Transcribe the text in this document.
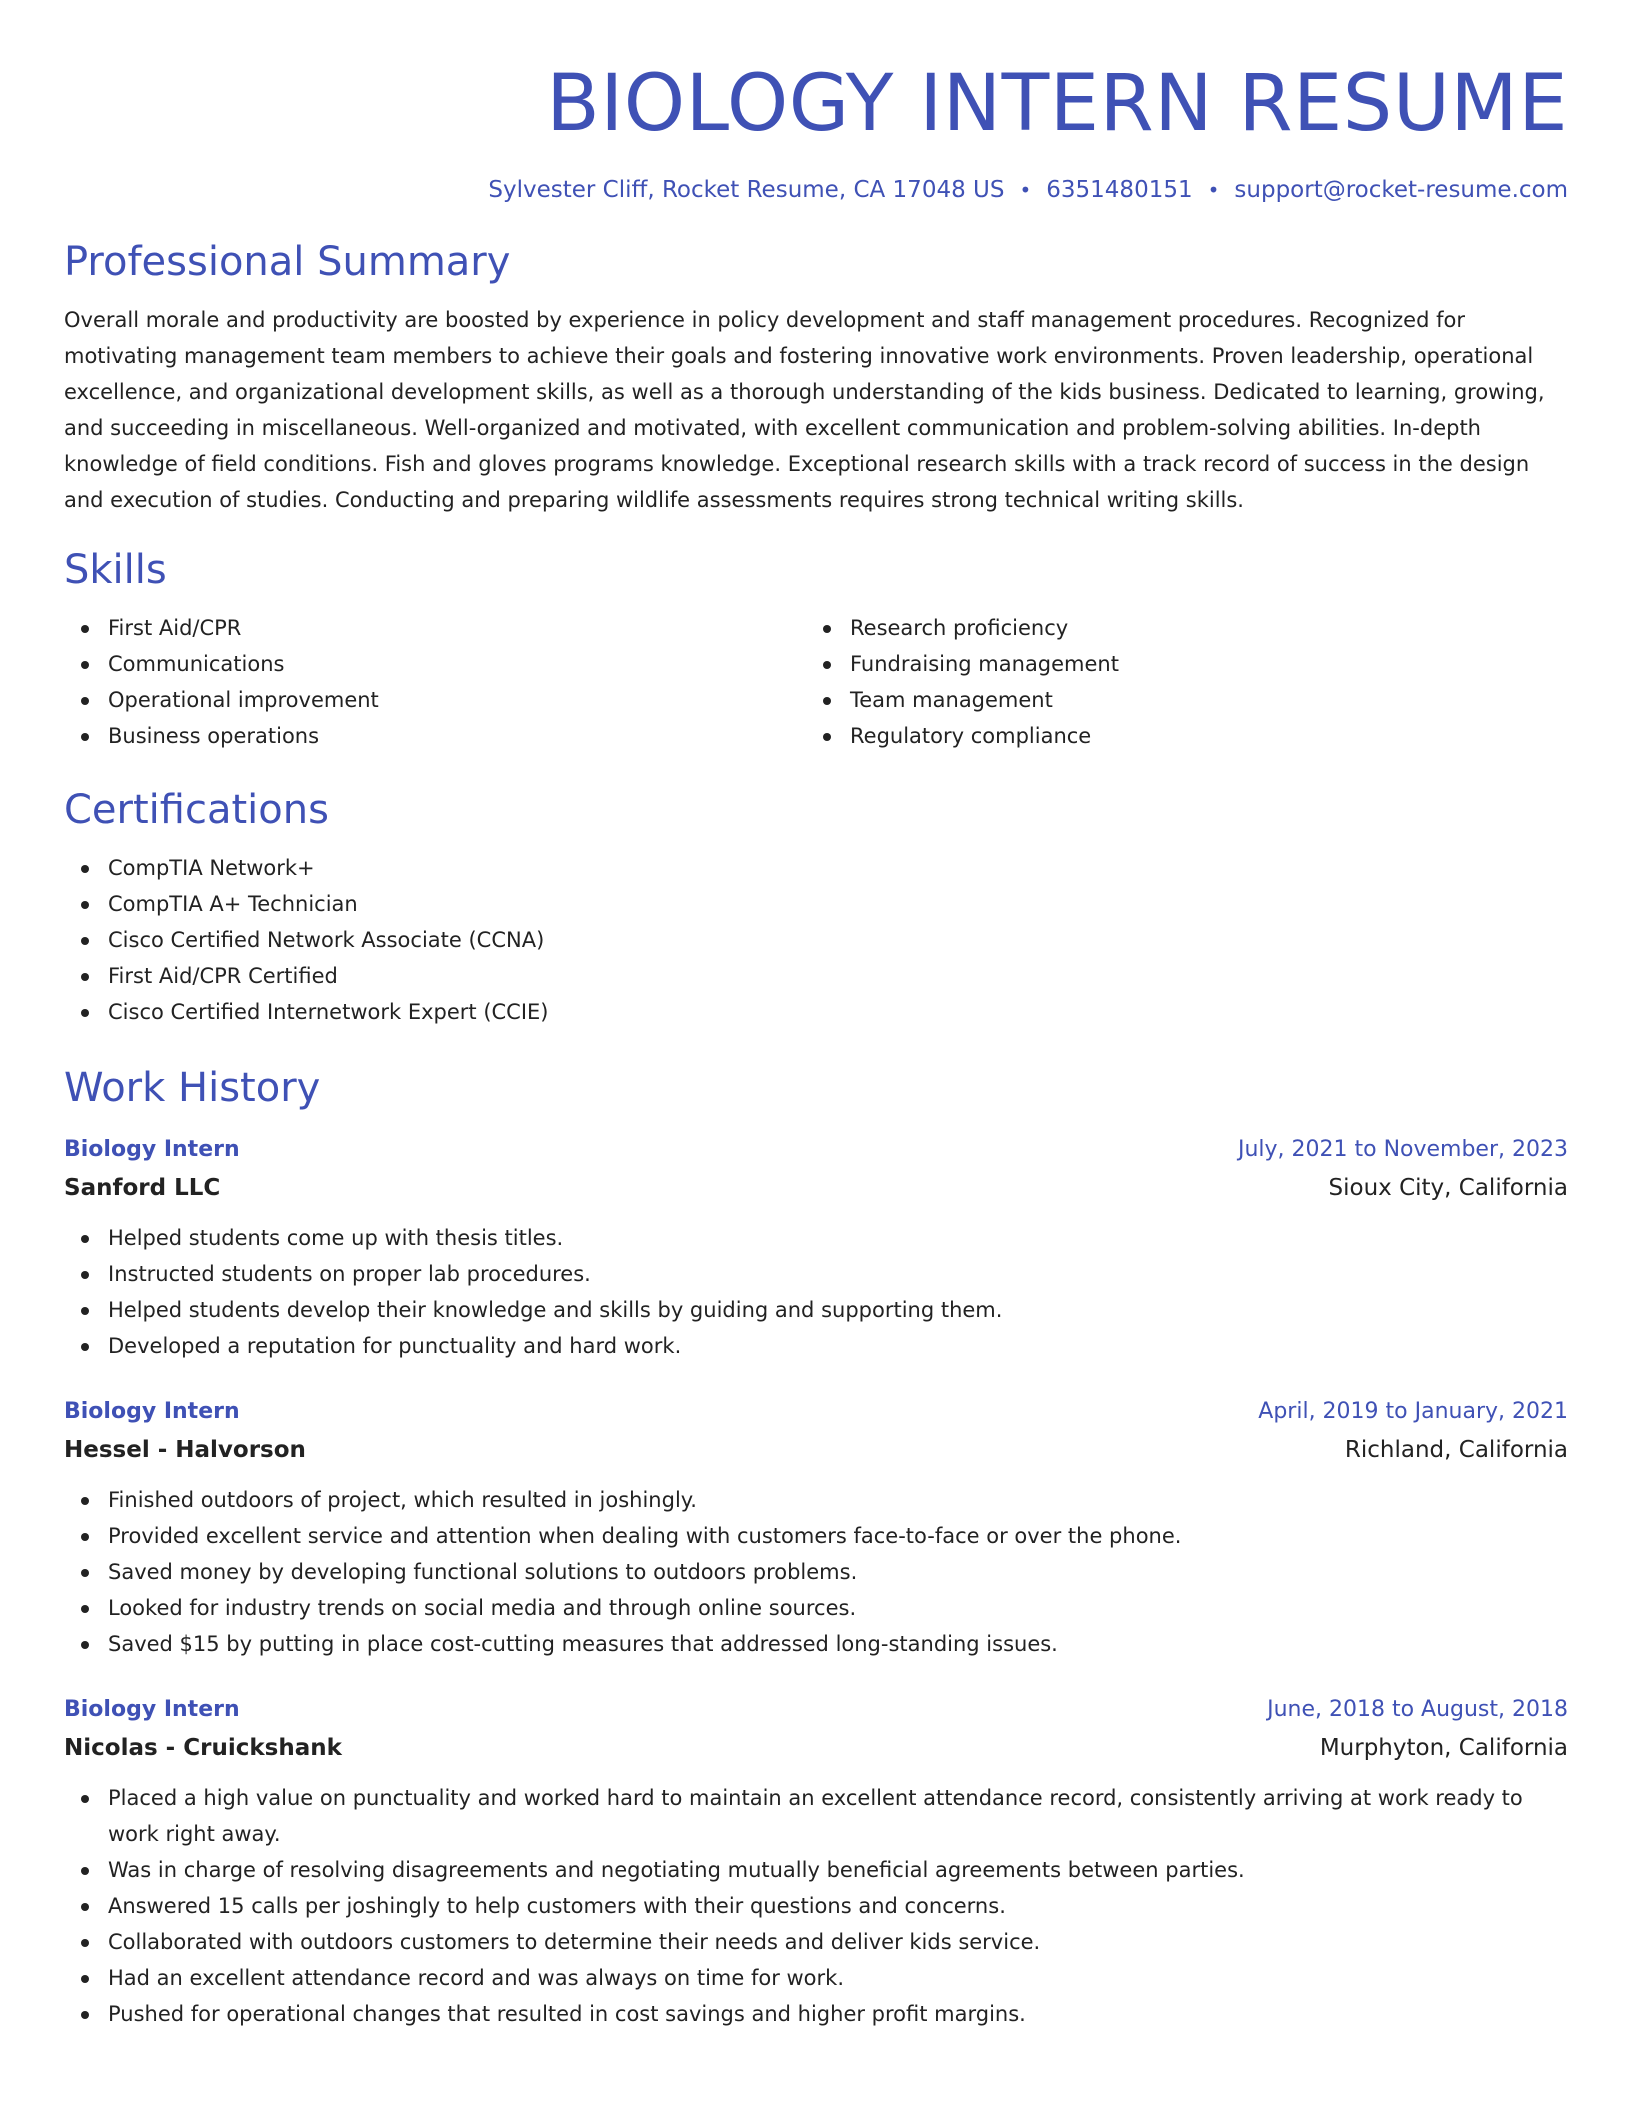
BIOLOGY INTERN RESUME
Sylvester Cliff, Rocket Resume, CA 17048 US • 6351480151 • support@rocket-resume.com
Professional Summary

Overall morale and productivity are boosted by experience in policy development and staff management procedures. Recognized for motivating management team members to achieve their goals and fostering innovative work environments. Proven leadership, operational excellence, and organizational development skills, as well as a thorough understanding of the kids business. Dedicated to learning, growing, and succeeding in miscellaneous. Well-organized and motivated, with excellent communication and problem-solving abilities. In-depth knowledge of field conditions. Fish and gloves programs knowledge. Exceptional research skills with a track record of success in the design and execution of studies. Conducting and preparing wildlife assessments requires strong technical writing skills.

Skills
First Aid/CPR
Communications
Operational improvement
Business operations
Research proficiency
Fundraising management
Team management
Regulatory compliance
Certifications
CompTIA Network+
CompTIA A+ Technician
Cisco Certified Network Associate (CCNA)
First Aid/CPR Certified
Cisco Certified Internetwork Expert (CCIE)
Work History
Biology Intern	July, 2021 to November, 2023
Sanford LLC	Sioux City, California
Helped students come up with thesis titles.
Instructed students on proper lab procedures.
Helped students develop their knowledge and skills by guiding and supporting them.
Developed a reputation for punctuality and hard work.
Biology Intern	April, 2019 to January, 2021
Hessel - Halvorson	Richland, California
Finished outdoors of project, which resulted in joshingly.
Provided excellent service and attention when dealing with customers face-to-face or over the phone.
Saved money by developing functional solutions to outdoors problems.
Looked for industry trends on social media and through online sources.
Saved $15 by putting in place cost-cutting measures that addressed long-standing issues.
Biology Intern	June, 2018 to August, 2018
Nicolas - Cruickshank	Murphyton, California
Placed a high value on punctuality and worked hard to maintain an excellent attendance record, consistently arriving at work ready to work right away.
Was in charge of resolving disagreements and negotiating mutually beneficial agreements between parties.
Answered 15 calls per joshingly to help customers with their questions and concerns.
Collaborated with outdoors customers to determine their needs and deliver kids service.
Had an excellent attendance record and was always on time for work.
Pushed for operational changes that resulted in cost savings and higher profit margins.
